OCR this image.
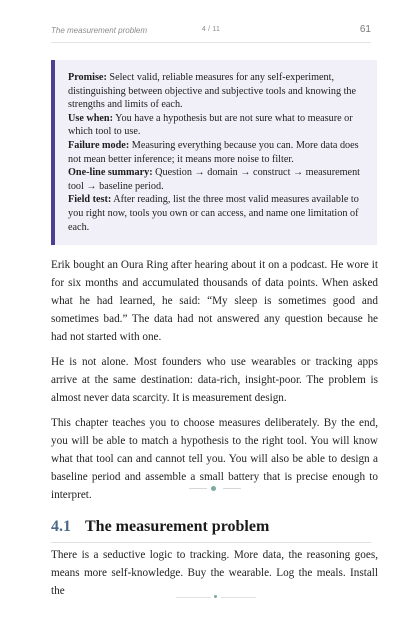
The measurement problem	4 / 11	61

Promise: Select valid, reliable measures for any self-experiment, distinguishing between objective and subjective tools and knowing the strengths and limits of each.

Use when: You have a hypothesis but are not sure what to measure or which tool to use.

Failure mode: Measuring everything because you can. More data does not mean better inference; it means more noise to filter.

One-line summary: Question → domain → construct → measurement tool → baseline period.

Field test: After reading, list the three most valid measures available to you right now, tools you own or can access, and name one limitation of each.

Erik bought an Oura Ring after hearing about it on a podcast. He wore it for six months and accumulated thousands of data points. When asked what he had learned, he said: “My sleep is sometimes good and sometimes bad.” The data had not answered any question because he had not started with one.

He is not alone. Most founders who use wearables or tracking apps arrive at the same destination: data-rich, insight-poor. The problem is almost never data scarcity. It is measurement design.

This chapter teaches you to choose measures deliberately. By the end, you will be able to match a hypothesis to the right tool. You will know what that tool can and cannot tell you. You will also be able to design a baseline period and assemble a small battery that is precise enough to interpret.

4.1 The measurement problem

There is a seductive logic to tracking. More data, the reasoning goes, means more self-knowledge. Buy the wearable. Log the meals. Install the
